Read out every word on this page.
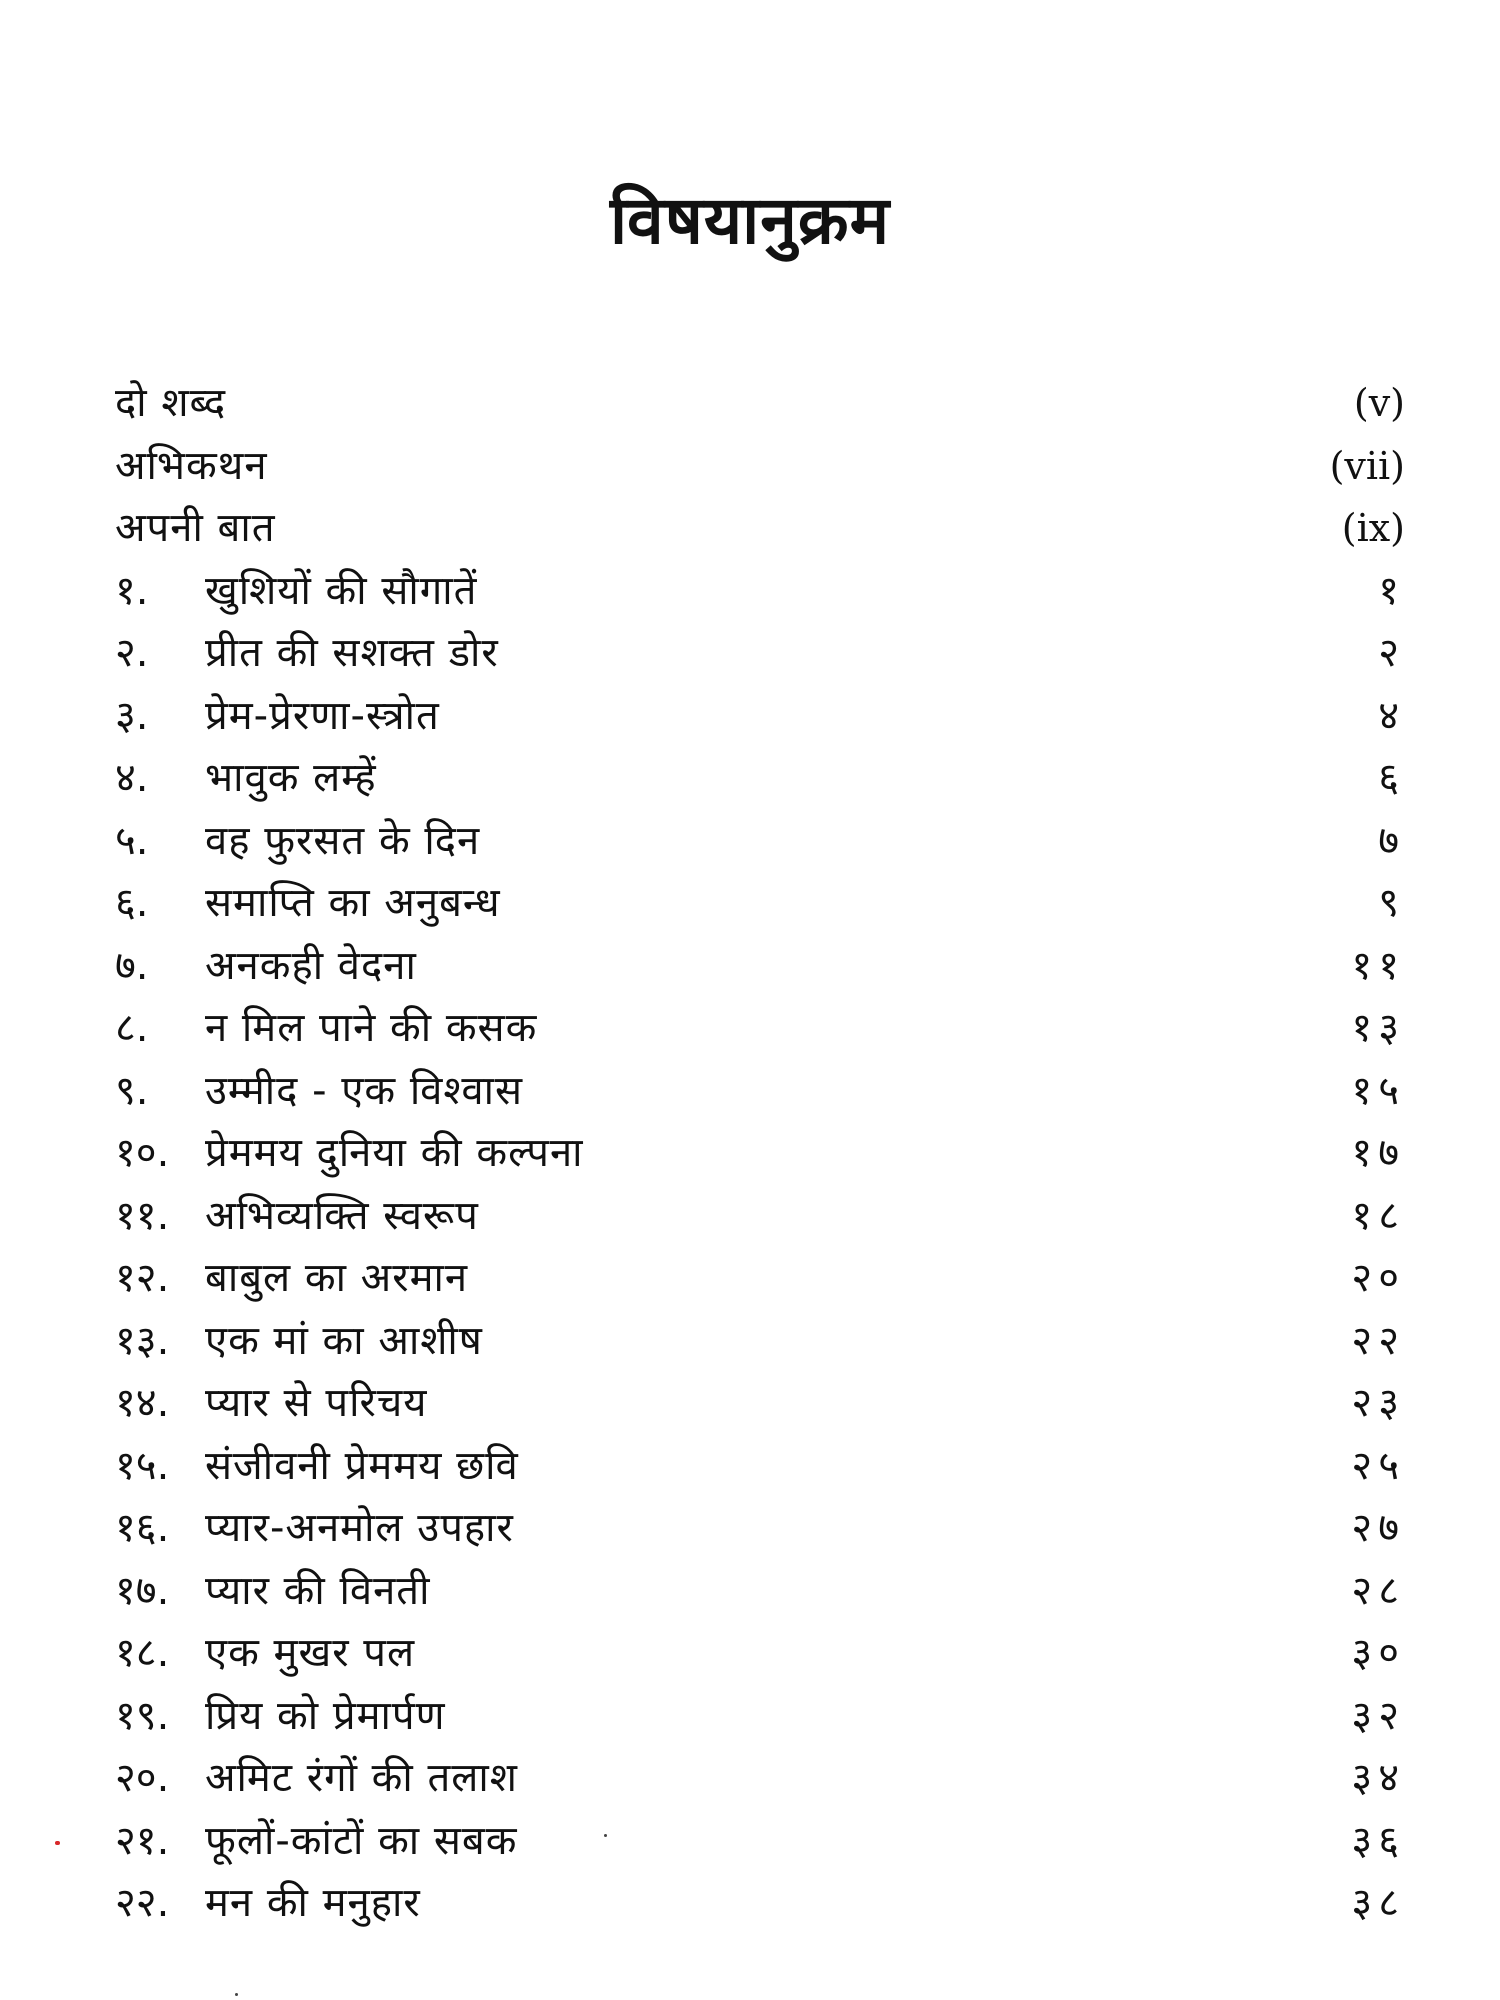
विषयानुक्रम
दो शब्द	(v)
अभिकथन	(vii)
अपनी बात	(ix)
१. खुशियों की सौगातें	१
२. प्रीत की सशक्त डोर	२
३. प्रेम-प्रेरणा-स्त्रोत	४
४. भावुक लम्हें	६
५. वह फुरसत के दिन	७
६. समाप्ति का अनुबन्ध	९
७. अनकही वेदना	११
८. न मिल पाने की कसक	१३
९. उम्मीद - एक विश्वास	१५
१०. प्रेममय दुनिया की कल्पना	१७
११. अभिव्यक्ति स्वरूप	१८
१२. बाबुल का अरमान	२०
१३. एक मां का आशीष	२२
१४. प्यार से परिचय	२३
१५. संजीवनी प्रेममय छवि	२५
१६. प्यार-अनमोल उपहार	२७
१७. प्यार की विनती	२८
१८. एक मुखर पल	३०
१९. प्रिय को प्रेमार्पण	३२
२०. अमिट रंगों की तलाश	३४
२१. फूलों-कांटों का सबक	३६
२२. मन की मनुहार	३८
